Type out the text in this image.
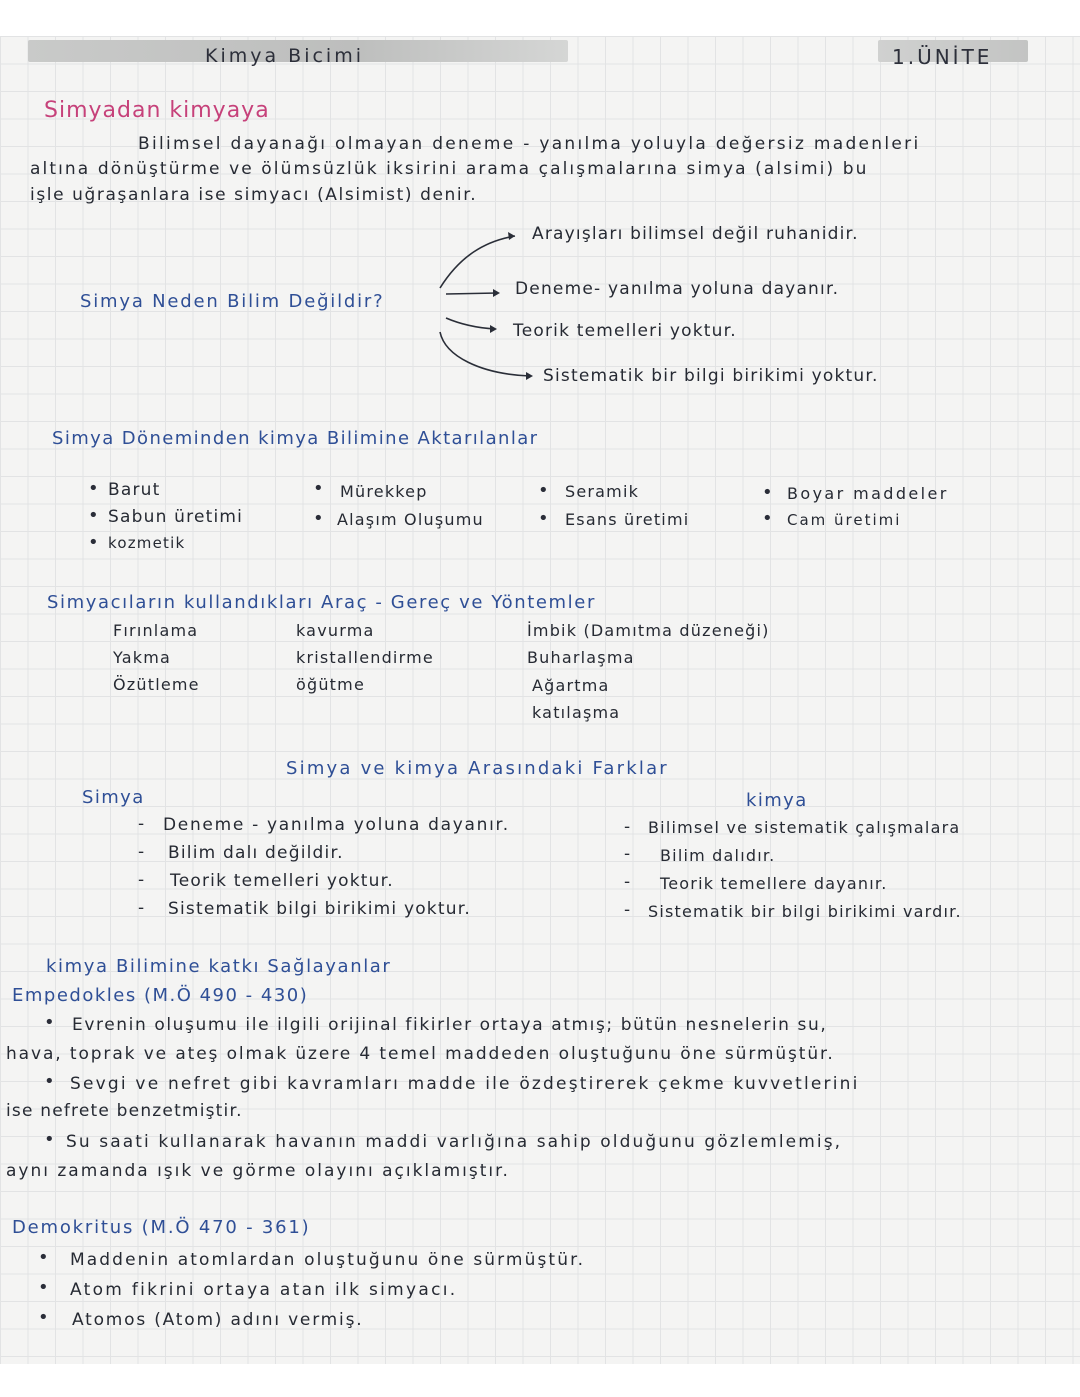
Kimya Bicimi	1.ÜNİTE
Simyadan kimyaya
Bilimsel dayanağı olmayan deneme - yanılma yoluyla değersiz madenleri
altına dönüştürme ve ölümsüzlük iksirini arama çalışmalarına simya (alsimi) bu
işle uğraşanlara ise simyacı (Alsimist) denir.
Simya Neden Bilim Değildir?
Arayışları bilimsel değil ruhanidir.
Deneme- yanılma yoluna dayanır.
Teorik temelleri yoktur.
Sistematik bir bilgi birikimi yoktur.
Simya Döneminden kimya Bilimine Aktarılanlar
• Barut
• Sabun üretimi
• kozmetik
• Mürekkep
• Alaşım Oluşumu
• Seramik
• Esans üretimi
• Boyar maddeler
• Cam üretimi
Simyacıların kullandıkları Araç - Gereç ve Yöntemler
Fırınlama
Yakma
Özütleme
kavurma
kristallendirme
öğütme
İmbik (Damıtma düzeneği)
Buharlaşma
Ağartma
katılaşma
Simya ve kimya Arasındaki Farklar
Simya	kimya
- Deneme - yanılma yoluna dayanır.
- Bilim dalı değildir.
- Teorik temelleri yoktur.
- Sistematik bilgi birikimi yoktur.
- Bilimsel ve sistematik çalışmalara
- Bilim dalıdır.
- Teorik temellere dayanır.
- Sistematik bir bilgi birikimi vardır.
kimya Bilimine katkı Sağlayanlar
Empedokles (M.Ö 490 - 430)
• Evrenin oluşumu ile ilgili orijinal fikirler ortaya atmış; bütün nesnelerin su,
hava, toprak ve ateş olmak üzere 4 temel maddeden oluştuğunu öne sürmüştür.
• Sevgi ve nefret gibi kavramları madde ile özdeştirerek çekme kuvvetlerini
ise nefrete benzetmiştir.
• Su saati kullanarak havanın maddi varlığına sahip olduğunu gözlemlemiş,
aynı zamanda ışık ve görme olayını açıklamıştır.
Demokritus (M.Ö 470 - 361)
• Maddenin atomlardan oluştuğunu öne sürmüştür.
• Atom fikrini ortaya atan ilk simyacı.
• Atomos (Atom) adını vermiş.
